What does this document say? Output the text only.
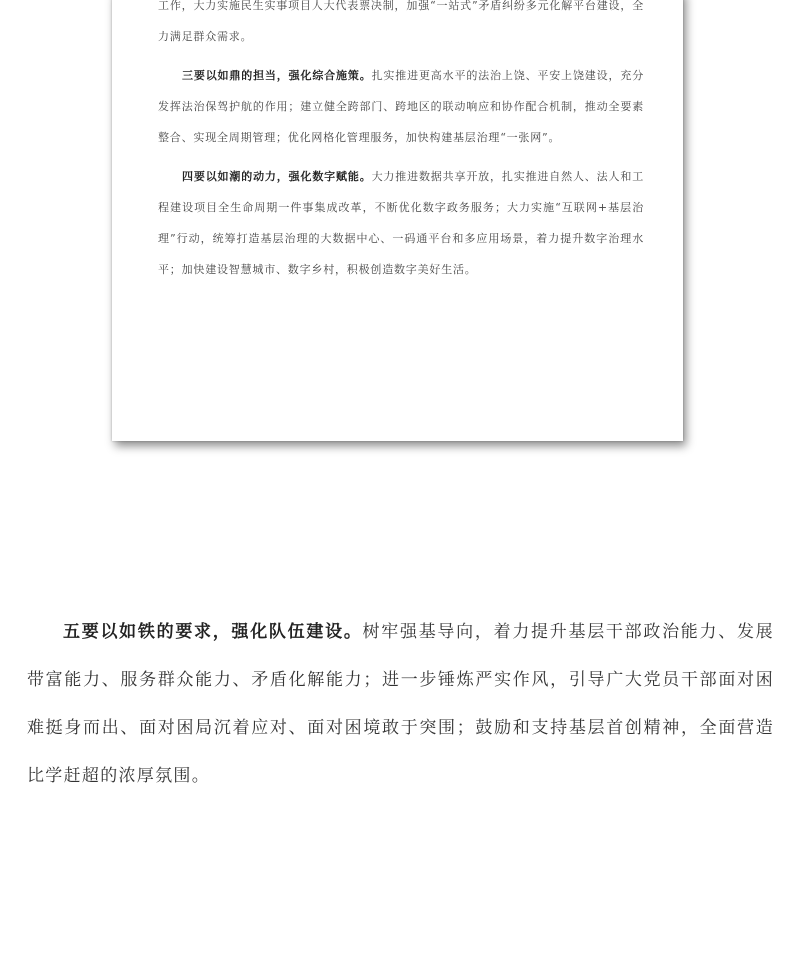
工作，大力实施民生实事项目人大代表票决制，加强“一站式”矛盾纠纷多元化解平台建设，全力满足群众需求。

三要以如鼎的担当，强化综合施策。扎实推进更高水平的法治上饶、平安上饶建设，充分发挥法治保驾护航的作用；建立健全跨部门、跨地区的联动响应和协作配合机制，推动全要素整合、实现全周期管理；优化网格化管理服务，加快构建基层治理“一张网”。

四要以如潮的动力，强化数字赋能。大力推进数据共享开放，扎实推进自然人、法人和工程建设项目全生命周期一件事集成改革，不断优化数字政务服务；大力实施“互联网+基层治理”行动，统筹打造基层治理的大数据中心、一码通平台和多应用场景，着力提升数字治理水平；加快建设智慧城市、数字乡村，积极创造数字美好生活。

五要以如铁的要求，强化队伍建设。树牢强基导向，着力提升基层干部政治能力、发展带富能力、服务群众能力、矛盾化解能力；进一步锤炼严实作风，引导广大党员干部面对困难挺身而出、面对困局沉着应对、面对困境敢于突围；鼓励和支持基层首创精神，全面营造比学赶超的浓厚氛围。
